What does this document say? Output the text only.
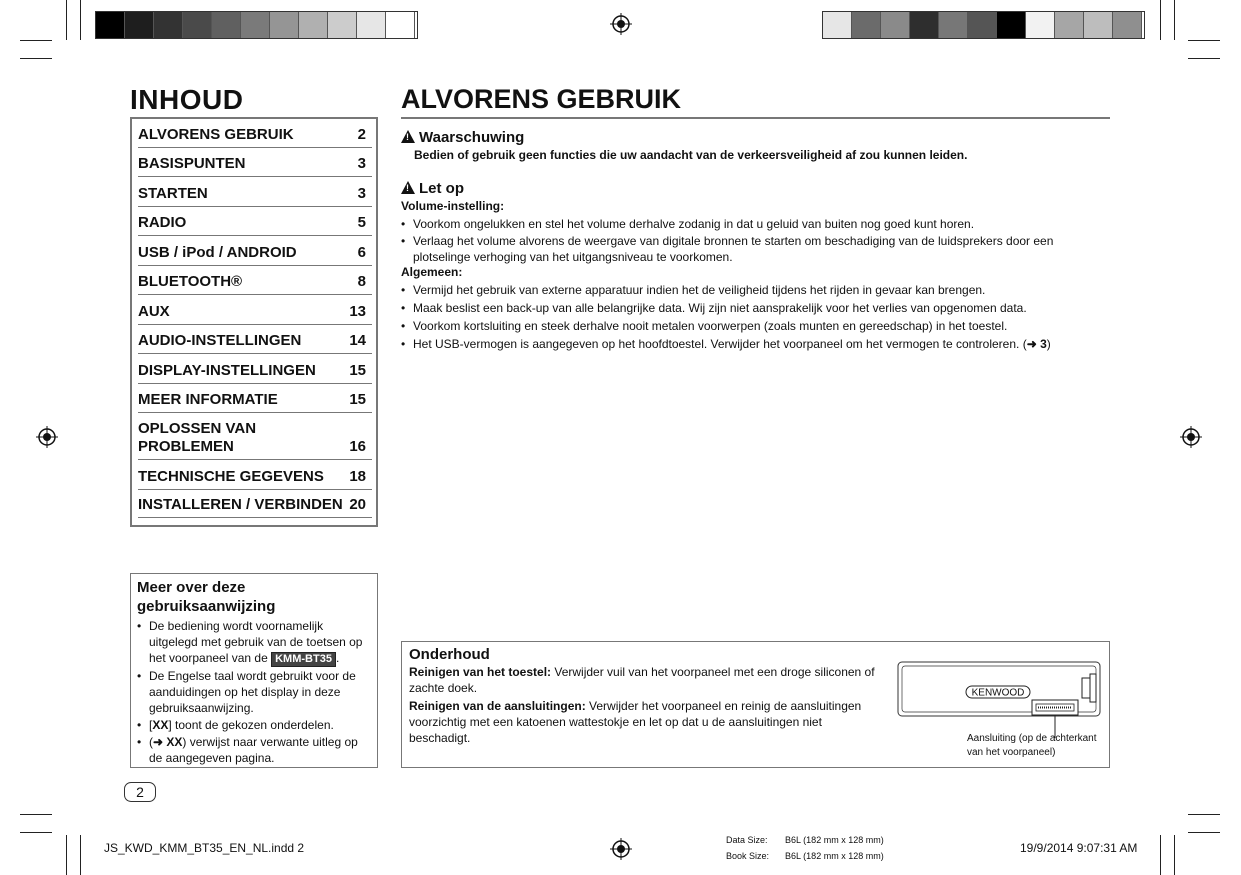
INHOUD
ALVORENS GEBRUIK	2
BASISPUNTEN	3
STARTEN	3
RADIO	5
USB / iPod / ANDROID	6
BLUETOOTH®	8
AUX	13
AUDIO-INSTELLINGEN	14
DISPLAY-INSTELLINGEN 15
MEER INFORMATIE	15
OPLOSSEN VAN
PROBLEMEN	16
TECHNISCHE GEGEVENS 18
INSTALLEREN / VERBINDEN 20
Meer over deze gebruiksaanwijzing
• De bediening wordt voornamelijk uitgelegd met gebruik van de toetsen op het voorpaneel van de KMM-BT35 .
• De Engelse taal wordt gebruikt voor de aanduidingen op het display in deze gebruiksaanwijzing.
• [XX] toont de gekozen onderdelen.
• (➜ XX) verwijst naar verwante uitleg op de aangegeven pagina.
2
ALVORENS GEBRUIK
! Waarschuwing
Bedien of gebruik geen functies die uw aandacht van de verkeersveiligheid af zou kunnen leiden.
! Let op
Volume-instelling:
• Voorkom ongelukken en stel het volume derhalve zodanig in dat u geluid van buiten nog goed kunt horen.
• Verlaag het volume alvorens de weergave van digitale bronnen te starten om beschadiging van de luidsprekers door een plotselinge verhoging van het uitgangsniveau te voorkomen.
Algemeen:
• Vermijd het gebruik van externe apparatuur indien het de veiligheid tijdens het rijden in gevaar kan brengen.
• Maak beslist een back-up van alle belangrijke data. Wij zijn niet aansprakelijk voor het verlies van opgenomen data.
• Voorkom kortsluiting en steek derhalve nooit metalen voorwerpen (zoals munten en gereedschap) in het toestel.
• Het USB-vermogen is aangegeven op het hoofdtoestel. Verwijder het voorpaneel om het vermogen te controleren. (➜ 3)
Onderhoud
Reinigen van het toestel: Verwijder vuil van het voorpaneel met een droge siliconen of zachte doek.
Reinigen van de aansluitingen: Verwijder het voorpaneel en reinig de aansluitingen voorzichtig met een katoenen wattestokje en let op dat u de aansluitingen niet beschadigt.
KENWOOD
Aansluiting (op de achterkant van het voorpaneel)
JS_KWD_KMM_BT35_EN_NL.indd 2
Data Size: B6L (182 mm x 128 mm)
Book Size: B6L (182 mm x 128 mm)
19/9/2014 9:07:31 AM
